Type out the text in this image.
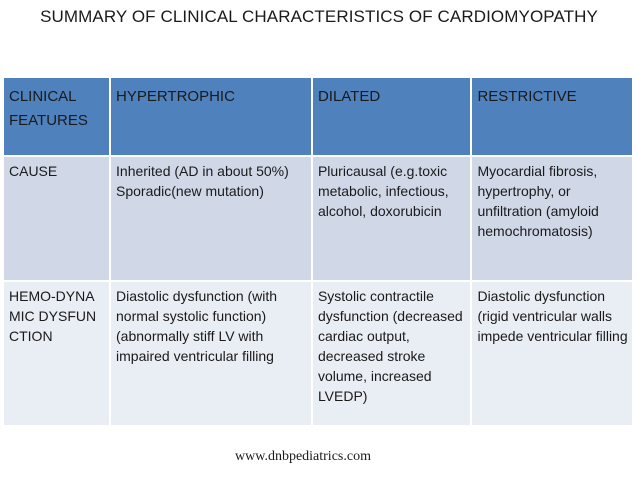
SUMMARY OF CLINICAL CHARACTERISTICS OF CARDIOMYOPATHY
CLINICAL FEATURES	HYPERTROPHIC	DILATED	RESTRICTIVE
CAUSE	Inherited (AD in about 50%) Sporadic(new mutation)	Pluricausal (e.g.toxic metabolic, infectious, alcohol, doxorubicin	Myocardial fibrosis, hypertrophy, or unfiltration (amyloid hemochromatosis)
HEMO-DYNAMIC DYSFUNCTION	Diastolic dysfunction (with normal systolic function) (abnormally stiff LV with impaired ventricular filling	Systolic contractile dysfunction (decreased cardiac output, decreased stroke volume, increased LVEDP)	Diastolic dysfunction (rigid ventricular walls impede ventricular filling
www.dnbpediatrics.com
